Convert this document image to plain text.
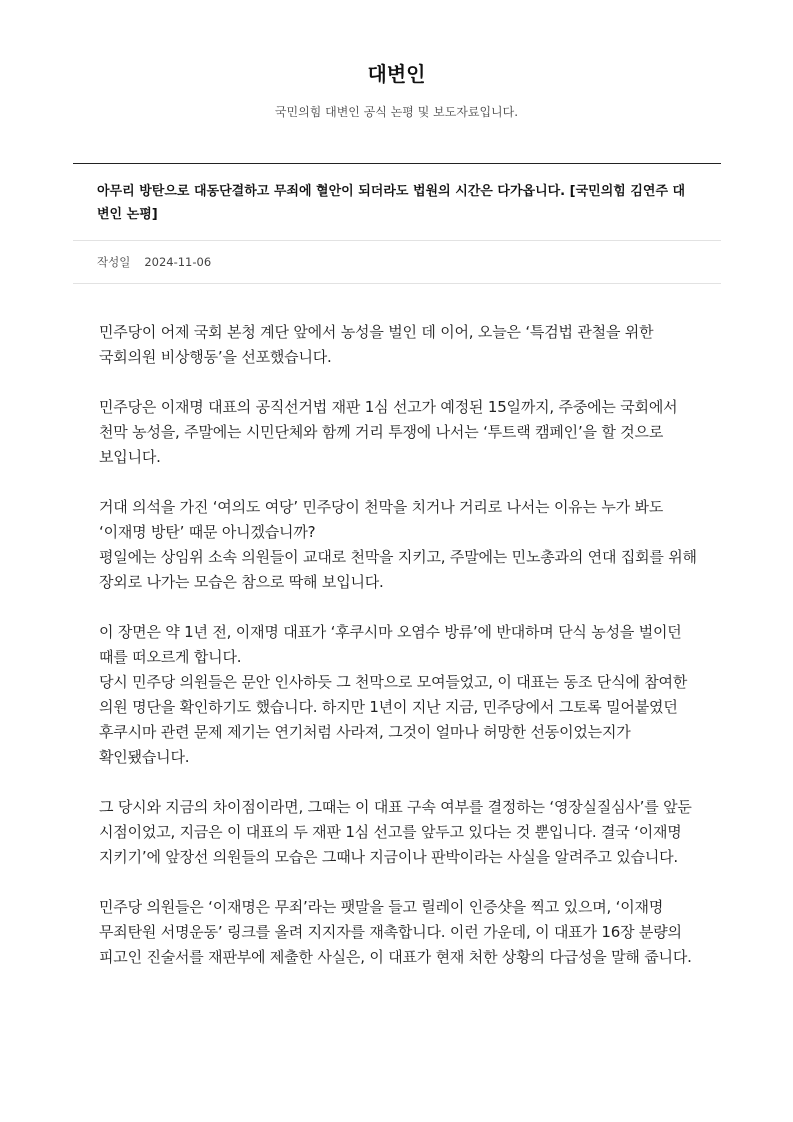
대변인
국민의힘 대변인 공식 논평 및 보도자료입니다.
아무리 방탄으로 대동단결하고 무죄에 혈안이 되더라도 법원의 시간은 다가옵니다. [국민의힘 김연주 대변인 논평]
작성일 2024-11-06

민주당이 어제 국회 본청 계단 앞에서 농성을 벌인 데 이어, 오늘은 ‘특검법 관철을 위한 국회의원 비상행동’을 선포했습니다.

민주당은 이재명 대표의 공직선거법 재판 1심 선고가 예정된 15일까지, 주중에는 국회에서 천막 농성을, 주말에는 시민단체와 함께 거리 투쟁에 나서는 ‘투트랙 캠페인’을 할 것으로 보입니다.

거대 의석을 가진 ‘여의도 여당’ 민주당이 천막을 치거나 거리로 나서는 이유는 누가 봐도 ‘이재명 방탄’ 때문 아니겠습니까?
평일에는 상임위 소속 의원들이 교대로 천막을 지키고, 주말에는 민노총과의 연대 집회를 위해 장외로 나가는 모습은 참으로 딱해 보입니다.

이 장면은 약 1년 전, 이재명 대표가 ‘후쿠시마 오염수 방류’에 반대하며 단식 농성을 벌이던 때를 떠오르게 합니다.
당시 민주당 의원들은 문안 인사하듯 그 천막으로 모여들었고, 이 대표는 동조 단식에 참여한 의원 명단을 확인하기도 했습니다. 하지만 1년이 지난 지금, 민주당에서 그토록 밀어붙였던 후쿠시마 관련 문제 제기는 연기처럼 사라져, 그것이 얼마나 허망한 선동이었는지가 확인됐습니다.

그 당시와 지금의 차이점이라면, 그때는 이 대표 구속 여부를 결정하는 ‘영장실질심사’를 앞둔 시점이었고, 지금은 이 대표의 두 재판 1심 선고를 앞두고 있다는 것 뿐입니다. 결국 ‘이재명 지키기’에 앞장선 의원들의 모습은 그때나 지금이나 판박이라는 사실을 알려주고 있습니다.

민주당 의원들은 ‘이재명은 무죄’라는 팻말을 들고 릴레이 인증샷을 찍고 있으며, ‘이재명 무죄탄원 서명운동’ 링크를 올려 지지자를 재촉합니다. 이런 가운데, 이 대표가 16장 분량의 피고인 진술서를 재판부에 제출한 사실은, 이 대표가 현재 처한 상황의 다급성을 말해 줍니다.
